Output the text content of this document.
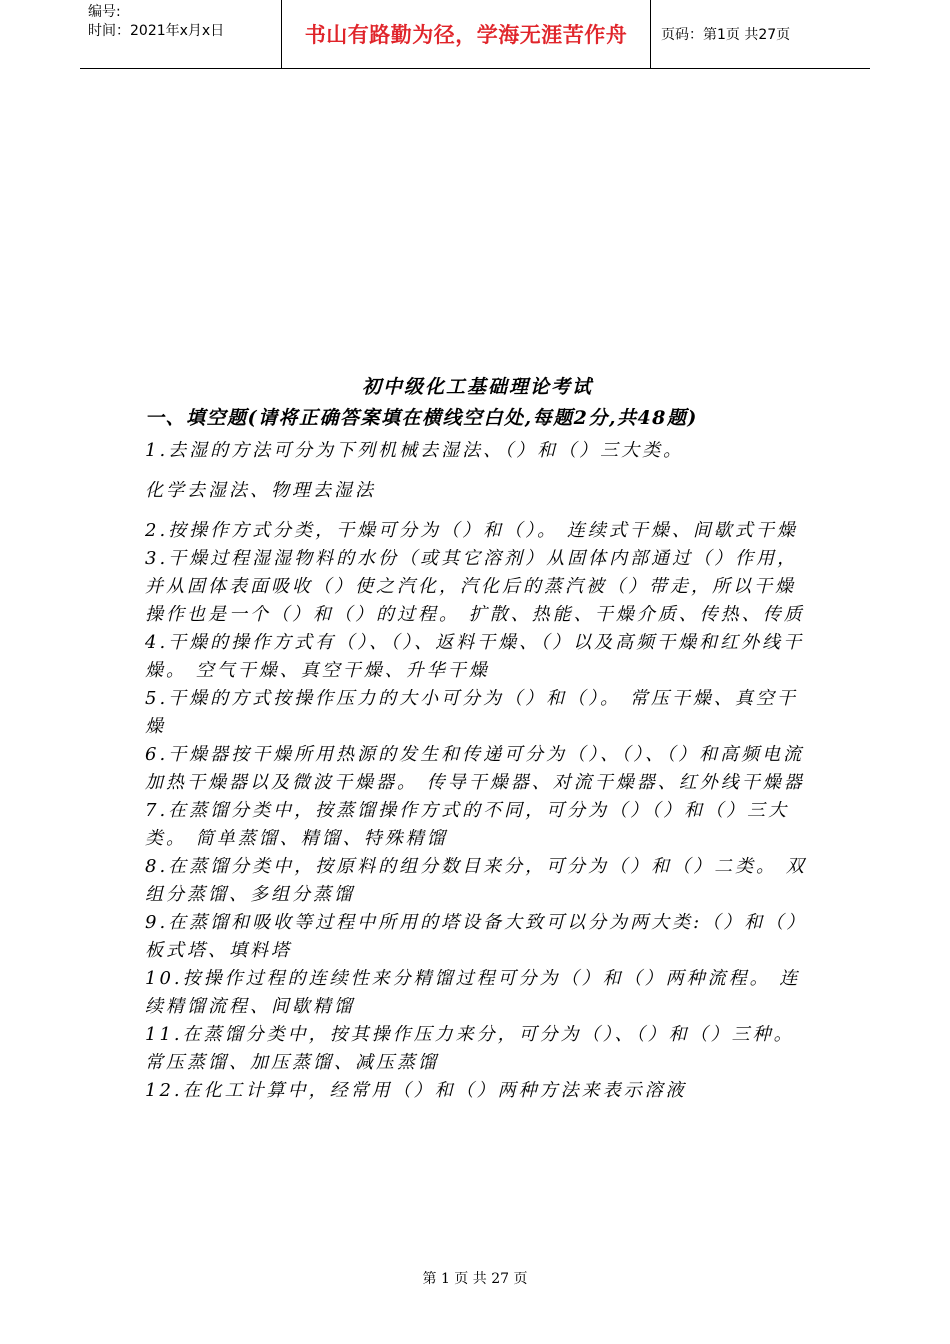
编号:
时间：2021年x月x日	书山有路勤为径，学海无涯苦作舟	页码：第1页 共27页

初中级化工基础理论考试

一、填空题(请将正确答案填在横线空白处,每题2分,共48题)

1.去湿的方法可分为下列机械去湿法、（）和（）三大类。

化学去湿法、物理去湿法

2.按操作方式分类，干燥可分为（）和（）。 连续式干燥、间歇式干燥

3.干燥过程湿湿物料的水份（或其它溶剂）从固体内部通过（）作用，并从固体表面吸收（）使之汽化，汽化后的蒸汽被（）带走，所以干燥操作也是一个（）和（）的过程。 扩散、热能、干燥介质、传热、传质

4.干燥的操作方式有（）、（）、返料干燥、（）以及高频干燥和红外线干燥。 空气干燥、真空干燥、升华干燥

5.干燥的方式按操作压力的大小可分为（）和（）。 常压干燥、真空干燥

6.干燥器按干燥所用热源的发生和传递可分为（）、（）、（）和高频电流加热干燥器以及微波干燥器。 传导干燥器、对流干燥器、红外线干燥器

7.在蒸馏分类中，按蒸馏操作方式的不同，可分为（）（）和（）三大类。 简单蒸馏、精馏、特殊精馏

8.在蒸馏分类中，按原料的组分数目来分，可分为（）和（）二类。 双组分蒸馏、多组分蒸馏

9.在蒸馏和吸收等过程中所用的塔设备大致可以分为两大类:（）和（） 板式塔、填料塔

10.按操作过程的连续性来分精馏过程可分为（）和（）两种流程。 连续精馏流程、间歇精馏

11.在蒸馏分类中，按其操作压力来分，可分为（）、（）和（）三种。 常压蒸馏、加压蒸馏、减压蒸馏

12.在化工计算中，经常用（）和（）两种方法来表示溶液

第 1 页 共 27 页
